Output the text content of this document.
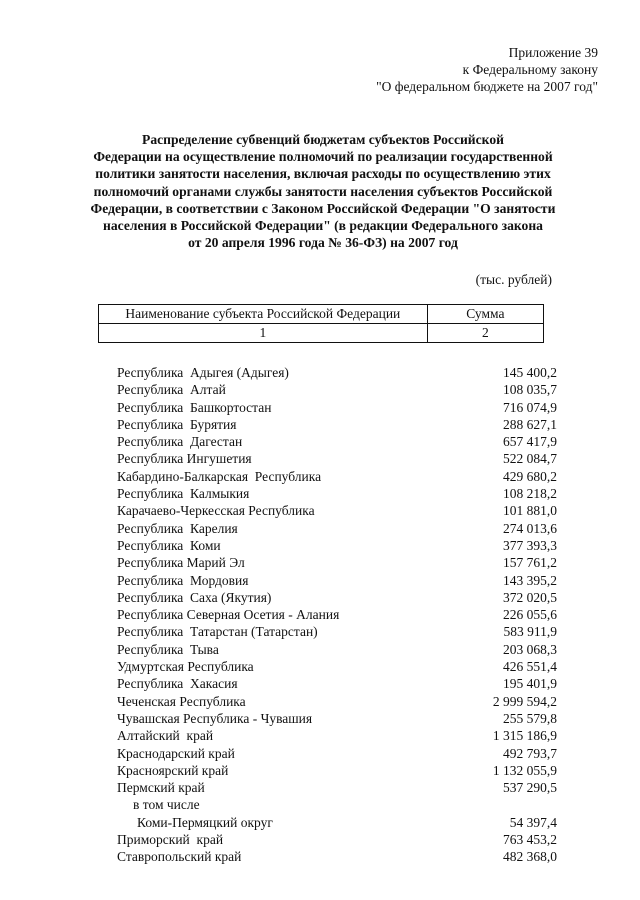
Приложение 39
к Федеральному закону
"О федеральном бюджете на 2007 год"
Распределение субвенций бюджетам субъектов Российской
Федерации на осуществление полномочий по реализации государственной
политики занятости населения, включая расходы по осуществлению этих
полномочий органами службы занятости населения субъектов Российской
Федерации, в соответствии с Законом Российской Федерации "О занятости
населения в Российской Федерации" (в редакции Федерального закона
от 20 апреля 1996 года № 36-ФЗ) на 2007 год
(тыс. рублей)
Наименование субъекта Российской Федерации	Сумма
1	2
Республика  Адыгея (Адыгея)	145 400,2
Республика  Алтай	108 035,7
Республика  Башкортостан	716 074,9
Республика  Бурятия	288 627,1
Республика  Дагестан	657 417,9
Республика Ингушетия	522 084,7
Кабардино-Балкарская  Республика	429 680,2
Республика  Калмыкия	108 218,2
Карачаево-Черкесская Республика	101 881,0
Республика  Карелия	274 013,6
Республика  Коми	377 393,3
Республика Марий Эл	157 761,2
Республика  Мордовия	143 395,2
Республика  Саха (Якутия)	372 020,5
Республика Северная Осетия - Алания	226 055,6
Республика  Татарстан (Татарстан)	583 911,9
Республика  Тыва	203 068,3
Удмуртская Республика	426 551,4
Республика  Хакасия	195 401,9
Чеченская Республика	2 999 594,2
Чувашская Республика - Чувашия	255 579,8
Алтайский  край	1 315 186,9
Краснодарский край	492 793,7
Красноярский край	1 132 055,9
Пермский край	537 290,5
в том числе
Коми-Пермяцкий округ	54 397,4
Приморский  край	763 453,2
Ставропольский край	482 368,0
